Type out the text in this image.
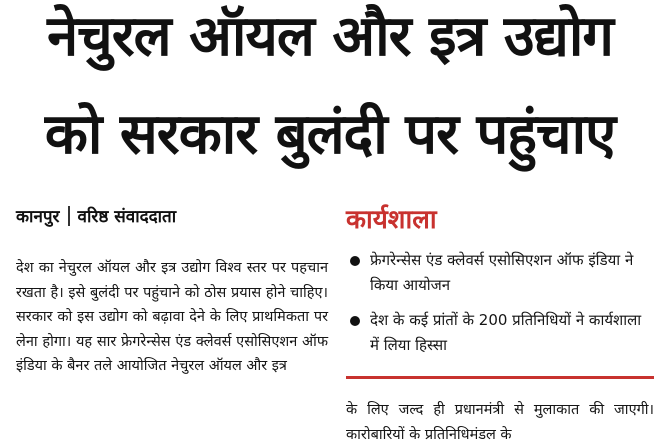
नेचुरल ऑयल और इत्र उद्योग
को सरकार बुलंदी पर पहुंचाए
कानपुर वरिष्ठ संवाददाता
देश का नेचुरल ऑयल और इत्र उद्योग विश्व स्तर पर पहचान रखता है। इसे बुलंदी पर पहुंचाने को ठोस प्रयास होने चाहिए। सरकार को इस उद्योग को बढ़ावा देने के लिए प्राथमिकता पर लेना होगा। यह सार फ्रेगरेन्सेस एंड क्लेवर्स एसोसिएशन ऑफ इंडिया के बैनर तले आयोजित नेचुरल ऑयल और इत्र
कार्यशाला
फ्रेगरेन्सेस एंड क्लेवर्स एसोसिएशन ऑफ इंडिया ने किया आयोजन
देश के कई प्रांतों के 200 प्रतिनिधियों ने कार्यशाला में लिया हिस्सा
के लिए जल्द ही प्रधानमंत्री से मुलाकात की जाएगी। कारोबारियों के प्रतिनिधिमंडल के
